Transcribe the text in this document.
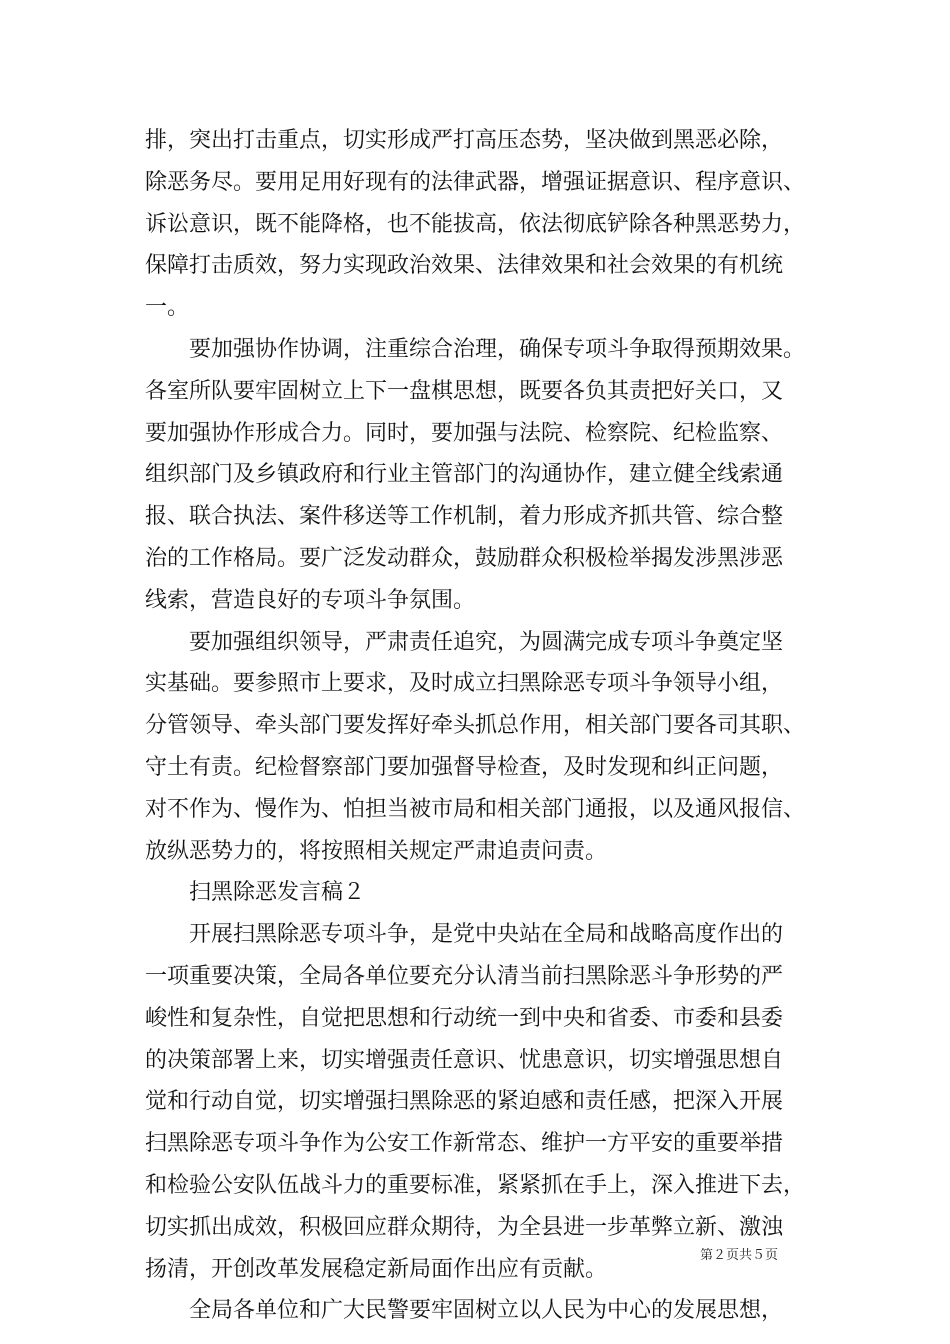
排，突出打击重点，切实形成严打高压态势，坚决做到黑恶必除，
除恶务尽。要用足用好现有的法律武器，增强证据意识、程序意识、
诉讼意识，既不能降格，也不能拔高，依法彻底铲除各种黑恶势力，
保障打击质效，努力实现政治效果、法律效果和社会效果的有机统
一。
要加强协作协调，注重综合治理，确保专项斗争取得预期效果。
各室所队要牢固树立上下一盘棋思想，既要各负其责把好关口，又
要加强协作形成合力。同时，要加强与法院、检察院、纪检监察、
组织部门及乡镇政府和行业主管部门的沟通协作，建立健全线索通
报、联合执法、案件移送等工作机制，着力形成齐抓共管、综合整
治的工作格局。要广泛发动群众，鼓励群众积极检举揭发涉黑涉恶
线索，营造良好的专项斗争氛围。
要加强组织领导，严肃责任追究，为圆满完成专项斗争奠定坚
实基础。要参照市上要求，及时成立扫黑除恶专项斗争领导小组，
分管领导、牵头部门要发挥好牵头抓总作用，相关部门要各司其职、
守土有责。纪检督察部门要加强督导检查，及时发现和纠正问题，
对不作为、慢作为、怕担当被市局和相关部门通报，以及通风报信、
放纵恶势力的，将按照相关规定严肃追责问责。
扫黑除恶发言稿２
开展扫黑除恶专项斗争，是党中央站在全局和战略高度作出的
一项重要决策，全局各单位要充分认清当前扫黑除恶斗争形势的严
峻性和复杂性，自觉把思想和行动统一到中央和省委、市委和县委
的决策部署上来，切实增强责任意识、忧患意识，切实增强思想自
觉和行动自觉，切实增强扫黑除恶的紧迫感和责任感，把深入开展
扫黑除恶专项斗争作为公安工作新常态、维护一方平安的重要举措
和检验公安队伍战斗力的重要标准，紧紧抓在手上，深入推进下去，
切实抓出成效，积极回应群众期待，为全县进一步革弊立新、激浊
扬清，开创改革发展稳定新局面作出应有贡献。
全局各单位和广大民警要牢固树立以人民为中心的发展思想，
第２页共５页
